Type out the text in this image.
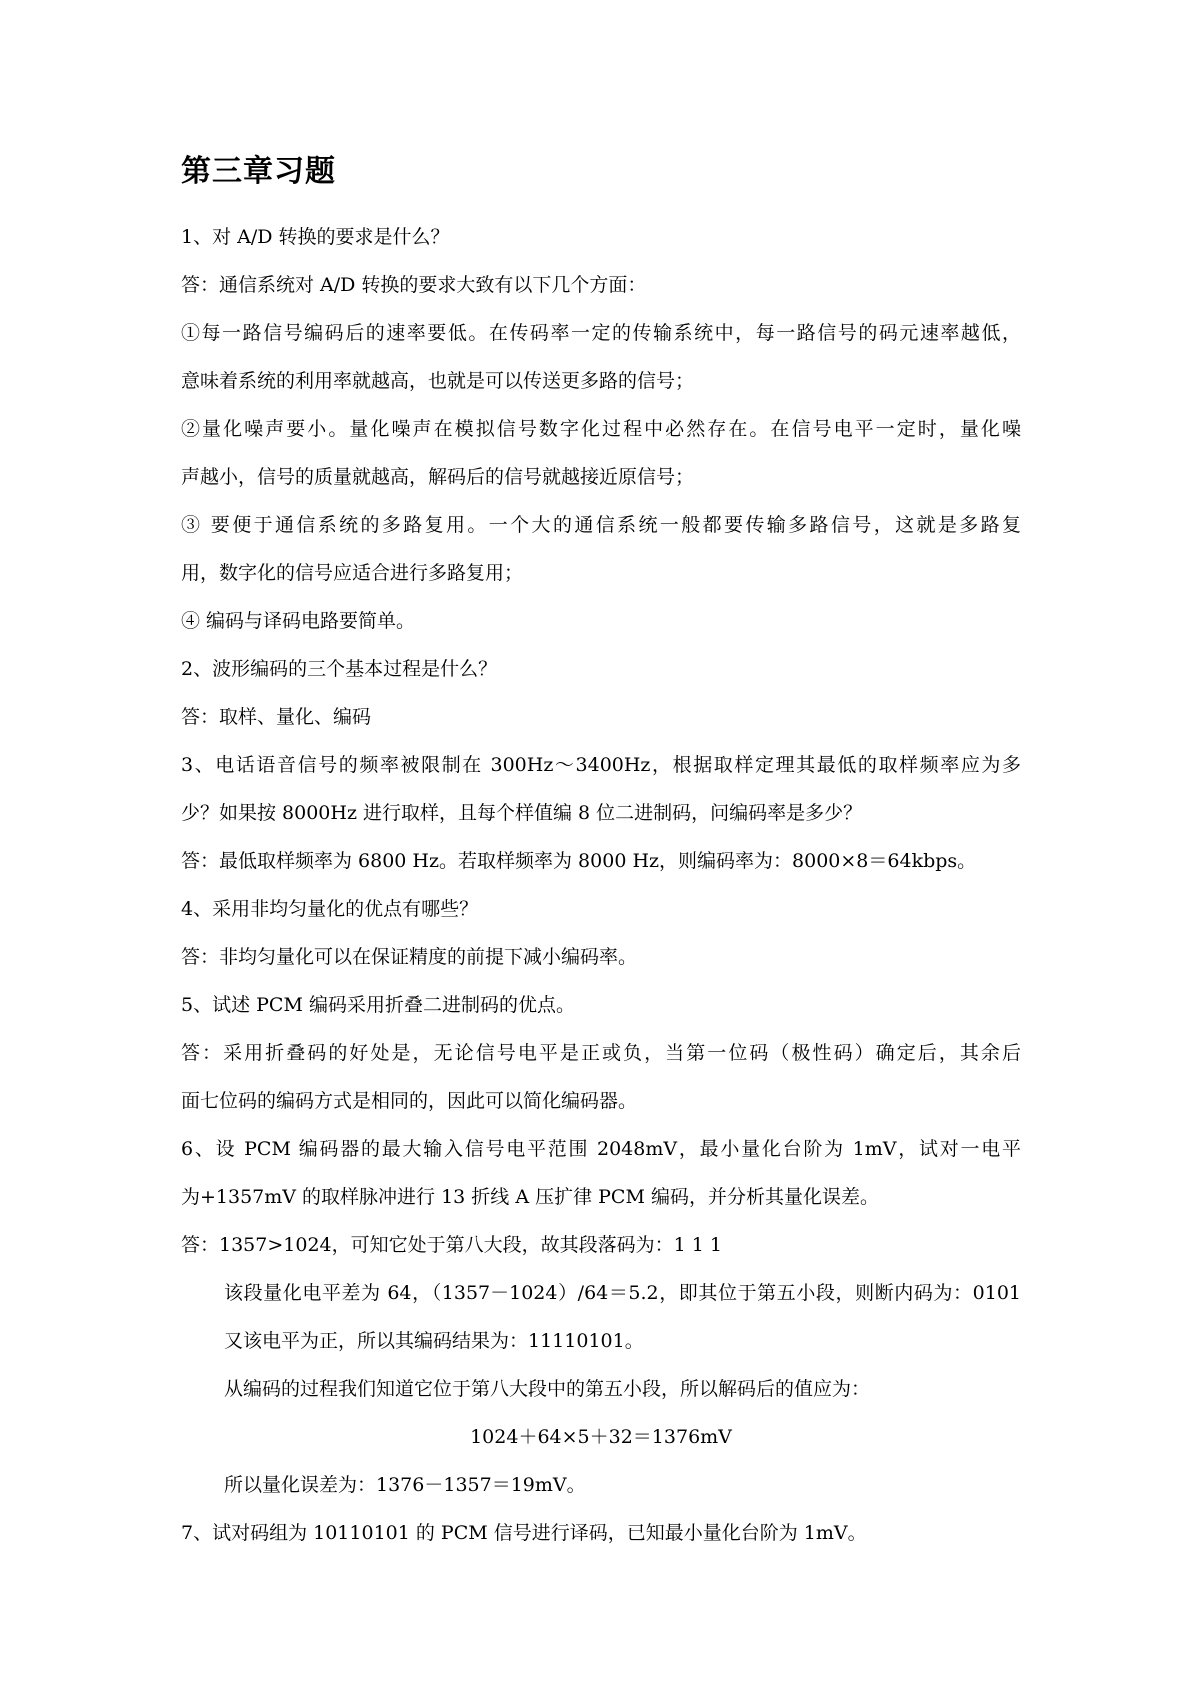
第三章习题
1、对 A/D 转换的要求是什么？
答：通信系统对 A/D 转换的要求大致有以下几个方面：
①每一路信号编码后的速率要低。在传码率一定的传输系统中，每一路信号的码元速率越低，
意味着系统的利用率就越高，也就是可以传送更多路的信号；
②量化噪声要小。量化噪声在模拟信号数字化过程中必然存在。在信号电平一定时，量化噪
声越小，信号的质量就越高，解码后的信号就越接近原信号；
③ 要便于通信系统的多路复用。一个大的通信系统一般都要传输多路信号，这就是多路复
用，数字化的信号应适合进行多路复用；
④ 编码与译码电路要简单。
2、波形编码的三个基本过程是什么？
答：取样、量化、编码
3、电话语音信号的频率被限制在 300Hz～3400Hz，根据取样定理其最低的取样频率应为多
少？如果按 8000Hz 进行取样，且每个样值编 8 位二进制码，问编码率是多少？
答：最低取样频率为 6800 Hz。若取样频率为 8000 Hz，则编码率为：8000×8＝64kbps。
4、采用非均匀量化的优点有哪些？
答：非均匀量化可以在保证精度的前提下减小编码率。
5、试述 PCM 编码采用折叠二进制码的优点。
答：采用折叠码的好处是，无论信号电平是正或负，当第一位码（极性码）确定后，其余后
面七位码的编码方式是相同的，因此可以简化编码器。
6、设 PCM 编码器的最大输入信号电平范围 2048mV，最小量化台阶为 1mV，试对一电平
为+1357mV 的取样脉冲进行 13 折线 A 压扩律 PCM 编码，并分析其量化误差。
答：1357>1024，可知它处于第八大段，故其段落码为：1 1 1
该段量化电平差为 64，（1357－1024）/64＝5.2，即其位于第五小段，则断内码为：0101
又该电平为正，所以其编码结果为：11110101。
从编码的过程我们知道它位于第八大段中的第五小段，所以解码后的值应为：
1024＋64×5＋32＝1376mV
所以量化误差为：1376－1357＝19mV。
7、试对码组为 10110101 的 PCM 信号进行译码，已知最小量化台阶为 1mV。
